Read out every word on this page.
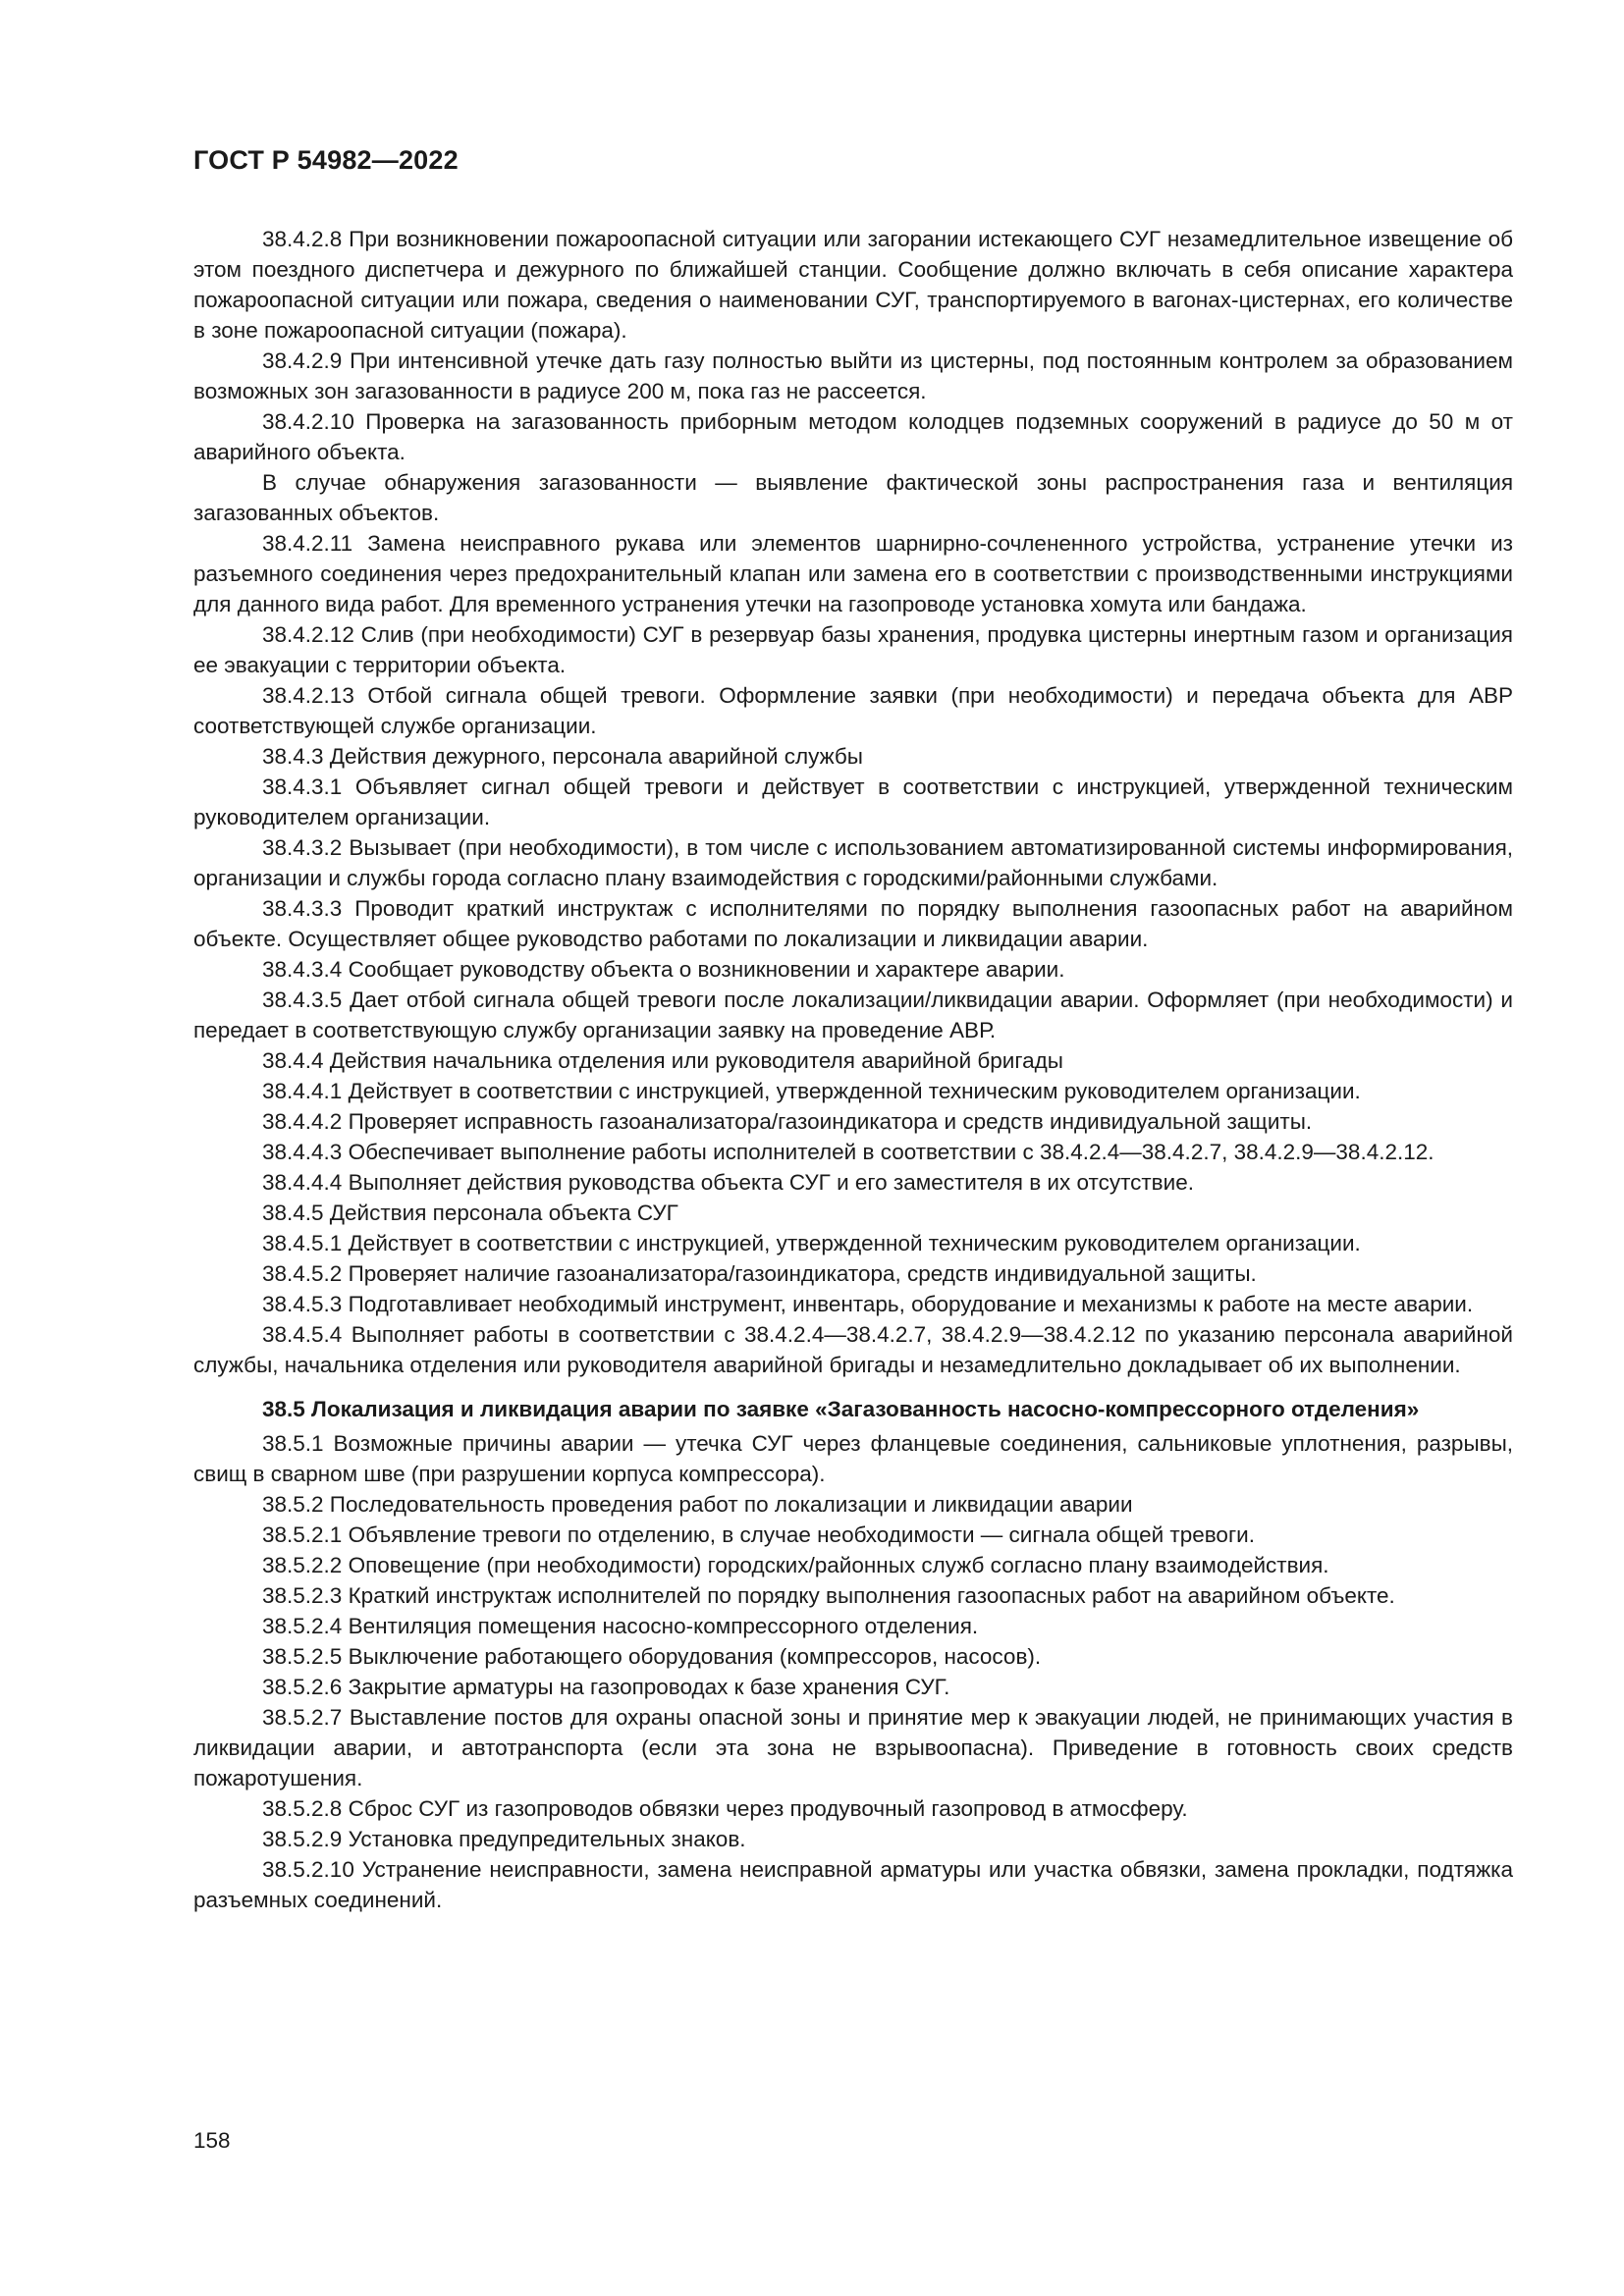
ГОСТ Р 54982—2022

38.4.2.8 При возникновении пожароопасной ситуации или загорании истекающего СУГ незамедлительное извещение об этом поездного диспетчера и дежурного по ближайшей станции. Сообщение должно включать в себя описание характера пожароопасной ситуации или пожара, сведения о наименовании СУГ, транспортируемого в вагонах-цистернах, его количестве в зоне пожароопасной ситуации (пожара).

38.4.2.9 При интенсивной утечке дать газу полностью выйти из цистерны, под постоянным контролем за образованием возможных зон загазованности в радиусе 200 м, пока газ не рассеется.

38.4.2.10 Проверка на загазованность приборным методом колодцев подземных сооружений в радиусе до 50 м от аварийного объекта.

В случае обнаружения загазованности — выявление фактической зоны распространения газа и вентиляция загазованных объектов.

38.4.2.11 Замена неисправного рукава или элементов шарнирно-сочлененного устройства, устранение утечки из разъемного соединения через предохранительный клапан или замена его в соответствии с производственными инструкциями для данного вида работ. Для временного устранения утечки на газопроводе установка хомута или бандажа.

38.4.2.12 Слив (при необходимости) СУГ в резервуар базы хранения, продувка цистерны инертным газом и организация ее эвакуации с территории объекта.

38.4.2.13 Отбой сигнала общей тревоги. Оформление заявки (при необходимости) и передача объекта для АВР соответствующей службе организации.

38.4.3 Действия дежурного, персонала аварийной службы

38.4.3.1 Объявляет сигнал общей тревоги и действует в соответствии с инструкцией, утвержденной техническим руководителем организации.

38.4.3.2 Вызывает (при необходимости), в том числе с использованием автоматизированной системы информирования, организации и службы города согласно плану взаимодействия с городскими/районными службами.

38.4.3.3 Проводит краткий инструктаж с исполнителями по порядку выполнения газоопасных работ на аварийном объекте. Осуществляет общее руководство работами по локализации и ликвидации аварии.

38.4.3.4 Сообщает руководству объекта о возникновении и характере аварии.

38.4.3.5 Дает отбой сигнала общей тревоги после локализации/ликвидации аварии. Оформляет (при необходимости) и передает в соответствующую службу организации заявку на проведение АВР.

38.4.4 Действия начальника отделения или руководителя аварийной бригады

38.4.4.1 Действует в соответствии с инструкцией, утвержденной техническим руководителем организации.

38.4.4.2 Проверяет исправность газоанализатора/газоиндикатора и средств индивидуальной защиты.

38.4.4.3 Обеспечивает выполнение работы исполнителей в соответствии с 38.4.2.4—38.4.2.7, 38.4.2.9—38.4.2.12.

38.4.4.4 Выполняет действия руководства объекта СУГ и его заместителя в их отсутствие.

38.4.5 Действия персонала объекта СУГ

38.4.5.1 Действует в соответствии с инструкцией, утвержденной техническим руководителем организации.

38.4.5.2 Проверяет наличие газоанализатора/газоиндикатора, средств индивидуальной защиты.

38.4.5.3 Подготавливает необходимый инструмент, инвентарь, оборудование и механизмы к работе на месте аварии.

38.4.5.4 Выполняет работы в соответствии с 38.4.2.4—38.4.2.7, 38.4.2.9—38.4.2.12 по указанию персонала аварийной службы, начальника отделения или руководителя аварийной бригады и незамедлительно докладывает об их выполнении.

38.5 Локализация и ликвидация аварии по заявке «Загазованность насосно-компрессорного отделения»

38.5.1 Возможные причины аварии — утечка СУГ через фланцевые соединения, сальниковые уплотнения, разрывы, свищ в сварном шве (при разрушении корпуса компрессора).

38.5.2 Последовательность проведения работ по локализации и ликвидации аварии

38.5.2.1 Объявление тревоги по отделению, в случае необходимости — сигнала общей тревоги.

38.5.2.2 Оповещение (при необходимости) городских/районных служб согласно плану взаимодействия.

38.5.2.3 Краткий инструктаж исполнителей по порядку выполнения газоопасных работ на аварийном объекте.

38.5.2.4 Вентиляция помещения насосно-компрессорного отделения.

38.5.2.5 Выключение работающего оборудования (компрессоров, насосов).

38.5.2.6 Закрытие арматуры на газопроводах к базе хранения СУГ.

38.5.2.7 Выставление постов для охраны опасной зоны и принятие мер к эвакуации людей, не принимающих участия в ликвидации аварии, и автотранспорта (если эта зона не взрывоопасна). Приведение в готовность своих средств пожаротушения.

38.5.2.8 Сброс СУГ из газопроводов обвязки через продувочный газопровод в атмосферу.

38.5.2.9 Установка предупредительных знаков.

38.5.2.10 Устранение неисправности, замена неисправной арматуры или участка обвязки, замена прокладки, подтяжка разъемных соединений.

158
